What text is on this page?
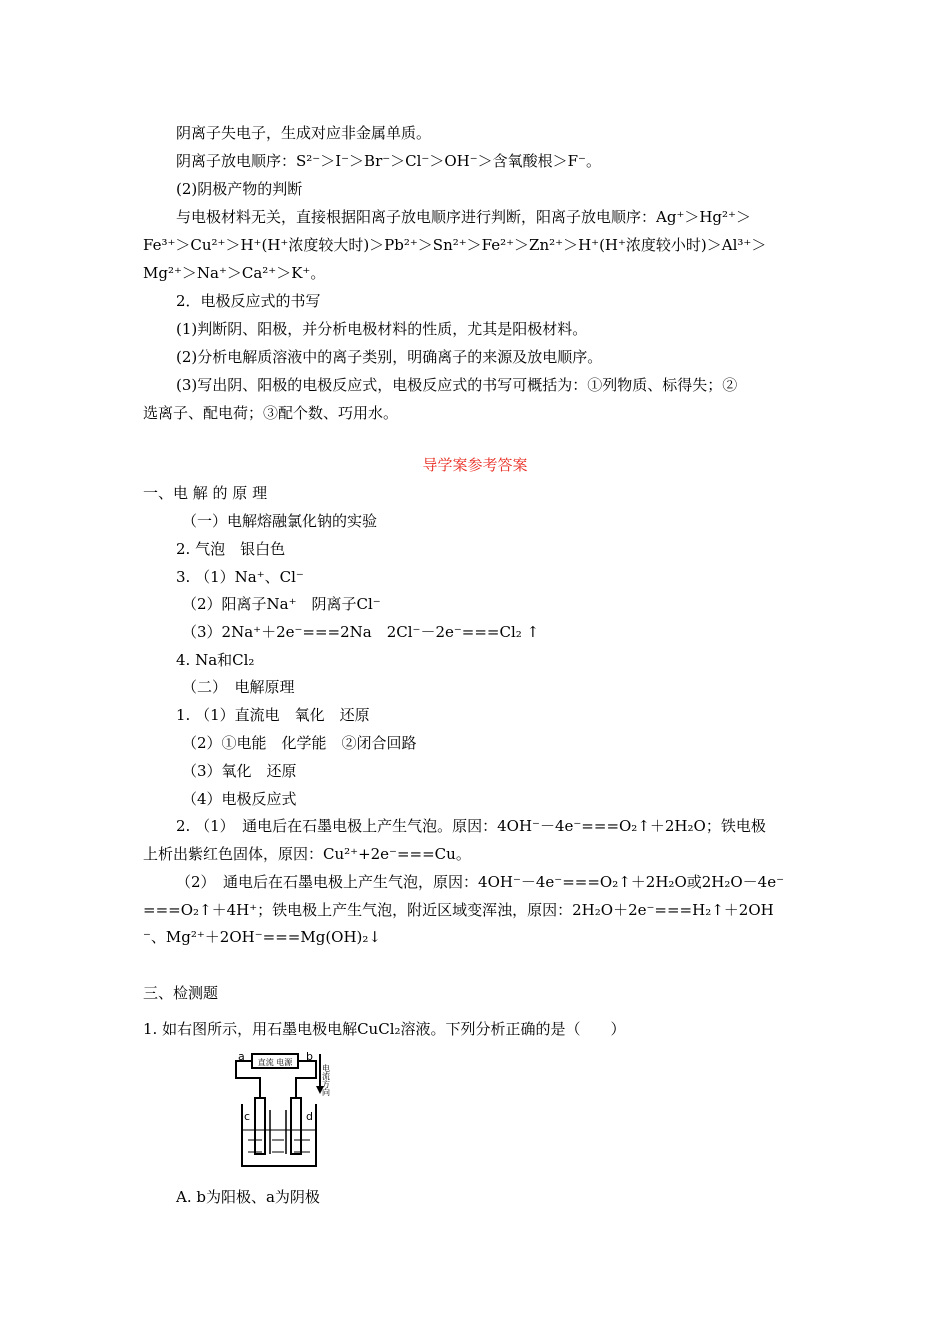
阴离子失电子，生成对应非金属单质。
阴离子放电顺序：S²⁻＞I⁻＞Br⁻＞Cl⁻＞OH⁻＞含氧酸根＞F⁻。
(2)阴极产物的判断
与电极材料无关，直接根据阳离子放电顺序进行判断，阳离子放电顺序：Ag⁺＞Hg²⁺＞
Fe³⁺＞Cu²⁺＞H⁺(H⁺浓度较大时)＞Pb²⁺＞Sn²⁺＞Fe²⁺＞Zn²⁺＞H⁺(H⁺浓度较小时)＞Al³⁺＞
Mg²⁺＞Na⁺＞Ca²⁺＞K⁺。
2．电极反应式的书写
(1)判断阴、阳极，并分析电极材料的性质，尤其是阳极材料。
(2)分析电解质溶液中的离子类别，明确离子的来源及放电顺序。
(3)写出阴、阳极的电极反应式，电极反应式的书写可概括为：①列物质、标得失；②
选离子、配电荷；③配个数、巧用水。
导学案参考答案
一、电 解 的 原 理
（一）电解熔融氯化钠的实验
2. 气泡　银白色
3. （1）Na⁺、Cl⁻
（2）阳离子Na⁺　阴离子Cl⁻
（3）2Na⁺＋2e⁻===2Na　2Cl⁻－2e⁻===Cl₂ ↑
4. Na和Cl₂
（二）　电解原理
1. （1）直流电　氧化　还原
（2）①电能　化学能　②闭合回路
（3）氧化　还原
（4）电极反应式
2. （1）　通电后在石墨电极上产生气泡。原因：4OH⁻－4e⁻===O₂↑＋2H₂O；铁电极
上析出紫红色固体，原因：Cu²⁺+2e⁻===Cu。
（2）　通电后在石墨电极上产生气泡，原因：4OH⁻－4e⁻===O₂↑＋2H₂O或2H₂O－4e⁻
===O₂↑＋4H⁺；铁电极上产生气泡，附近区域变浑浊，原因：2H₂O＋2e⁻===H₂↑＋2OH
⁻、Mg²⁺＋2OH⁻===Mg(OH)₂↓
三、检测题
1. 如右图所示，用石墨电极电解CuCl₂溶液。下列分析正确的是（　　）
直流 电源
a	b
电流方向
c	d
A. b为阳极、a为阴极
